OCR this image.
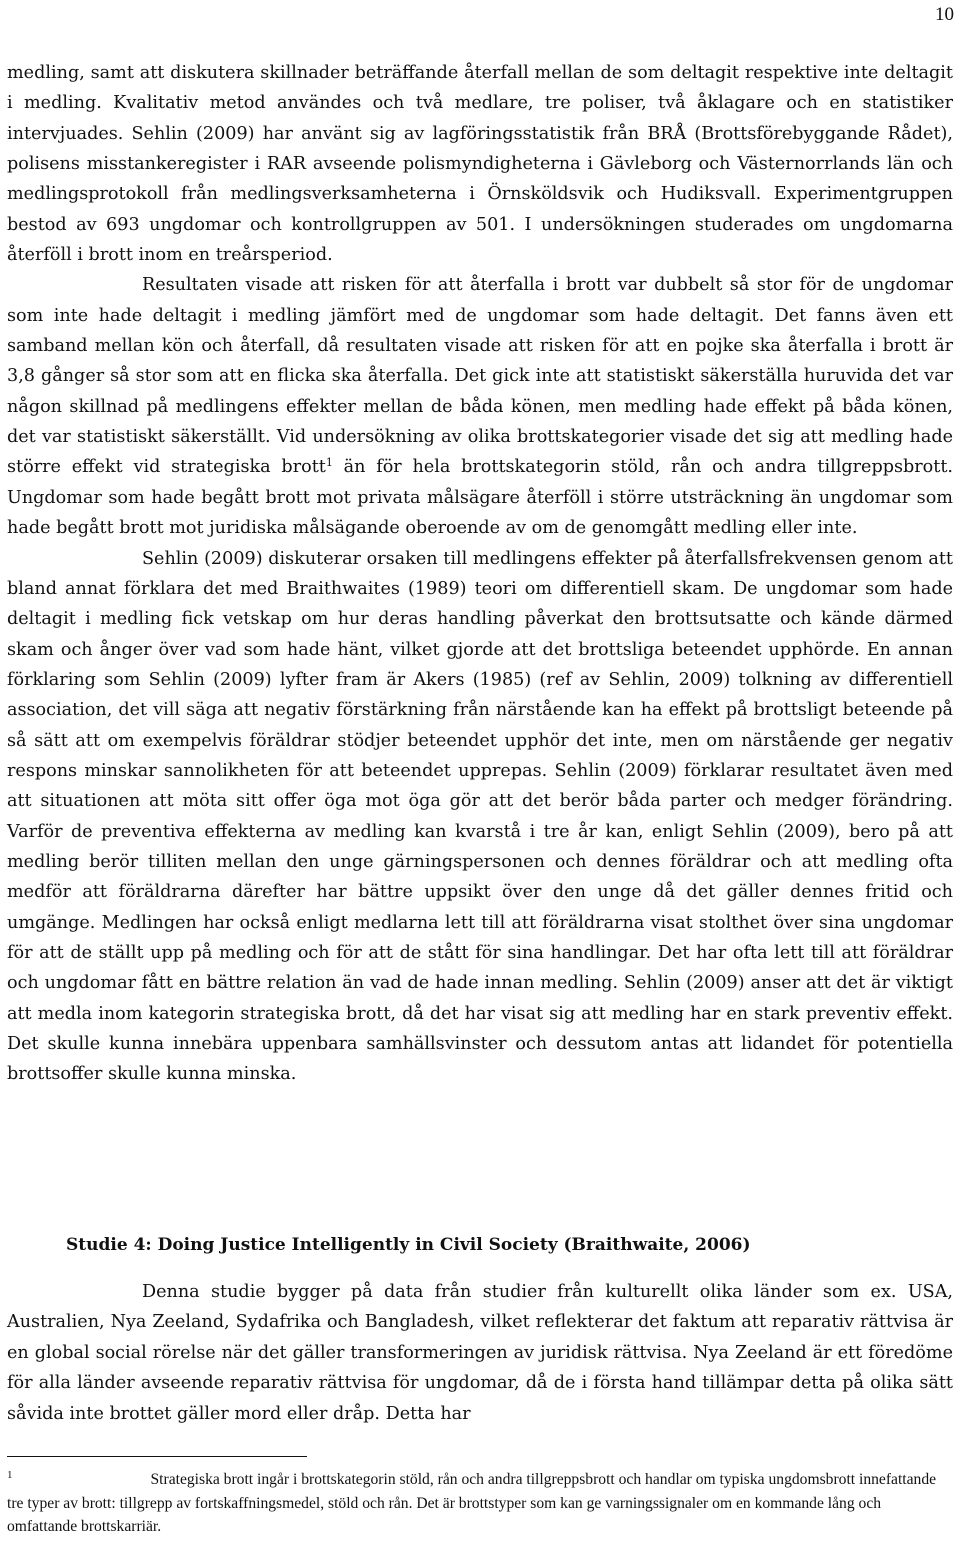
10

medling, samt att diskutera skillnader beträffande återfall mellan de som deltagit respektive inte deltagit i medling. Kvalitativ metod användes och två medlare, tre poliser, två åklagare och en statistiker intervjuades. Sehlin (2009) har använt sig av lagföringsstatistik från BRÅ (Brottsförebyggande Rådet), polisens misstankeregister i RAR avseende polismyndigheterna i Gävleborg och Västernorrlands län och medlingsprotokoll från medlingsverksamheterna i Örnsköldsvik och Hudiksvall. Experimentgruppen bestod av 693 ungdomar och kontrollgruppen av 501. I undersökningen studerades om ungdomarna återföll i brott inom en treårsperiod.

Resultaten visade att risken för att återfalla i brott var dubbelt så stor för de ungdomar som inte hade deltagit i medling jämfört med de ungdomar som hade deltagit. Det fanns även ett samband mellan kön och återfall, då resultaten visade att risken för att en pojke ska återfalla i brott är 3,8 gånger så stor som att en flicka ska återfalla. Det gick inte att statistiskt säkerställa huruvida det var någon skillnad på medlingens effekter mellan de båda könen, men medling hade effekt på båda könen, det var statistiskt säkerställt. Vid undersökning av olika brottskategorier visade det sig att medling hade större effekt vid strategiska brott$^1$ än för hela brottskategorin stöld, rån och andra tillgreppsbrott. Ungdomar som hade begått brott mot privata målsägare återföll i större utsträckning än ungdomar som hade begått brott mot juridiska målsägande oberoende av om de genomgått medling eller inte.

Sehlin (2009) diskuterar orsaken till medlingens effekter på återfallsfrekvensen genom att bland annat förklara det med Braithwaites (1989) teori om differentiell skam. De ungdomar som hade deltagit i medling fick vetskap om hur deras handling påverkat den brottsutsatte och kände därmed skam och ånger över vad som hade hänt, vilket gjorde att det brottsliga beteendet upphörde. En annan förklaring som Sehlin (2009) lyfter fram är Akers (1985) (ref av Sehlin, 2009) tolkning av differentiell association, det vill säga att negativ förstärkning från närstående kan ha effekt på brottsligt beteende på så sätt att om exempelvis föräldrar stödjer beteendet upphör det inte, men om närstående ger negativ respons minskar sannolikheten för att beteendet upprepas. Sehlin (2009) förklarar resultatet även med att situationen att möta sitt offer öga mot öga gör att det berör båda parter och medger förändring. Varför de preventiva effekterna av medling kan kvarstå i tre år kan, enligt Sehlin (2009), bero på att medling berör tilliten mellan den unge gärningspersonen och dennes föräldrar och att medling ofta medför att föräldrarna därefter har bättre uppsikt över den unge då det gäller dennes fritid och umgänge. Medlingen har också enligt medlarna lett till att föräldrarna visat stolthet över sina ungdomar för att de ställt upp på medling och för att de stått för sina handlingar. Det har ofta lett till att föräldrar och ungdomar fått en bättre relation än vad de hade innan medling. Sehlin (2009) anser att det är viktigt att medla inom kategorin strategiska brott, då det har visat sig att medling har en stark preventiv effekt. Det skulle kunna innebära uppenbara samhällsvinster och dessutom antas att lidandet för potentiella brottsoffer skulle kunna minska.

Studie 4: Doing Justice Intelligently in Civil Society (Braithwaite, 2006)

Denna studie bygger på data från studier från kulturellt olika länder som ex. USA, Australien, Nya Zeeland, Sydafrika och Bangladesh, vilket reflekterar det faktum att reparativ rättvisa är en global social rörelse när det gäller transformeringen av juridisk rättvisa. Nya Zeeland är ett föredöme för alla länder avseende reparativ rättvisa för ungdomar, då de i första hand tillämpar detta på olika sätt såvida inte brottet gäller mord eller dråp. Detta har

$^1$	Strategiska brott ingår i brottskategorin stöld, rån och andra tillgreppsbrott och handlar om typiska ungdomsbrott innefattande tre typer av brott: tillgrepp av fortskaffningsmedel, stöld och rån. Det är brottstyper som kan ge varningssignaler om en kommande lång och omfattande brottskarriär.
